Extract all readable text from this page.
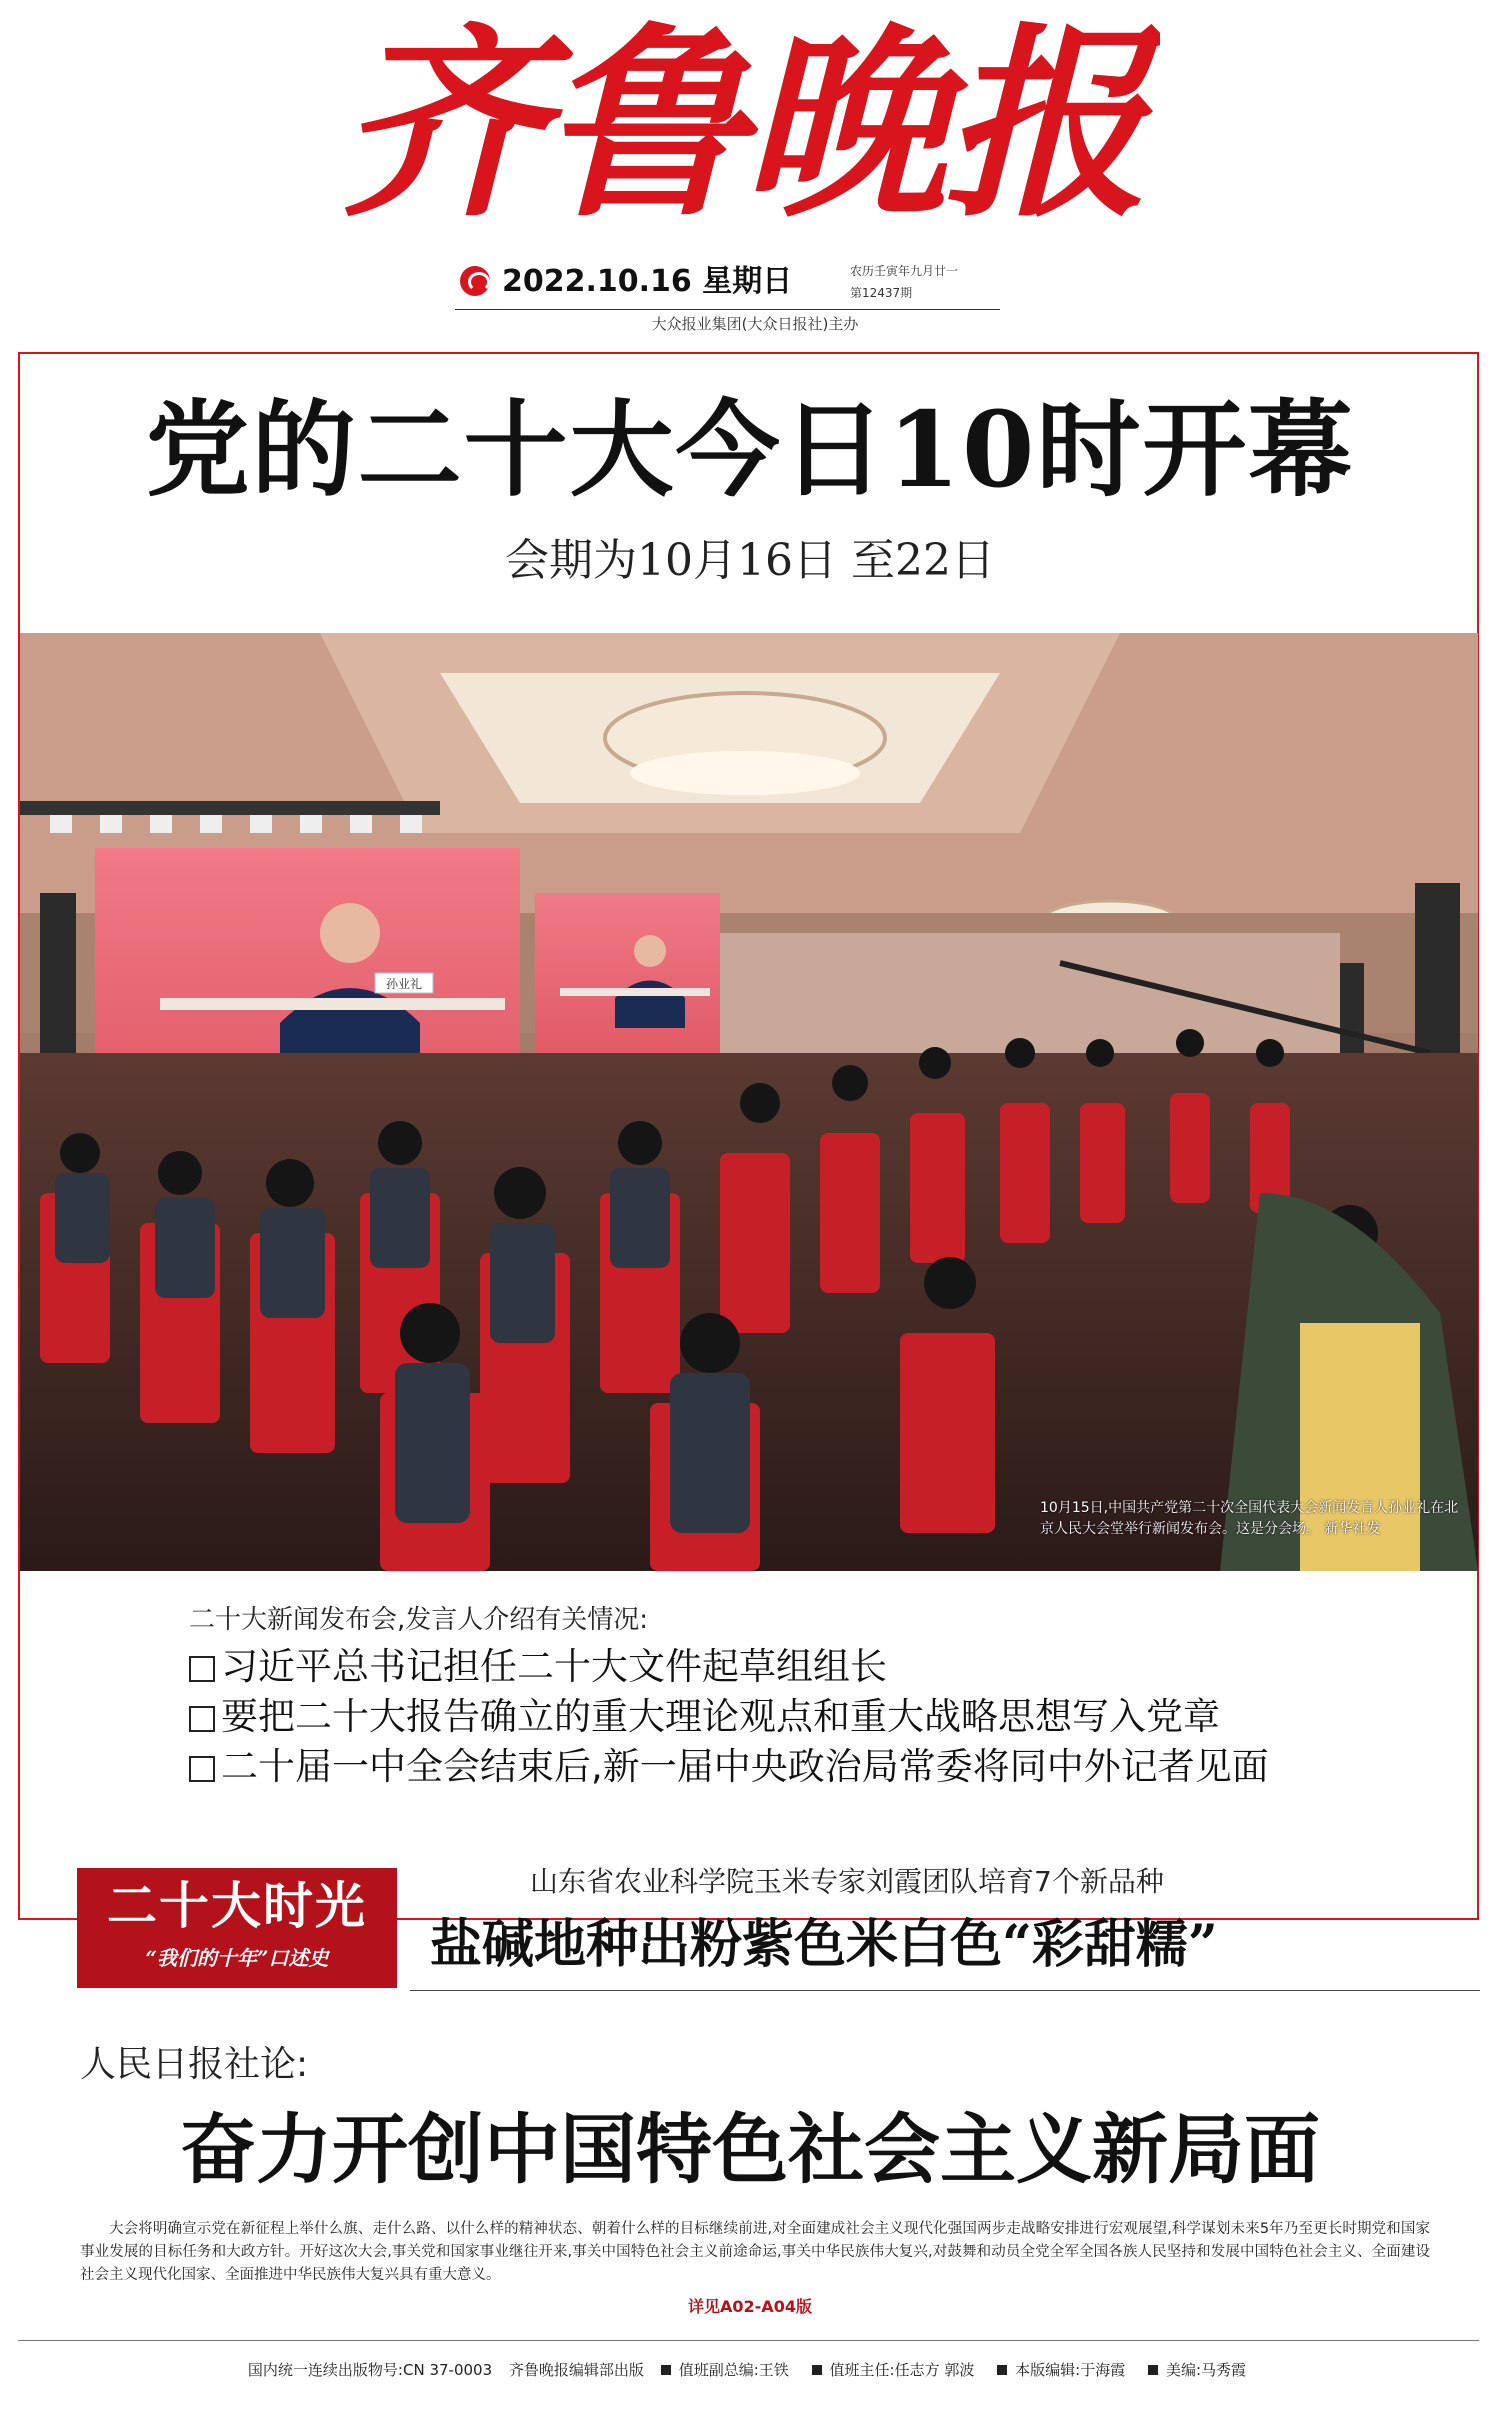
齐鲁晚报
2022.10.16 星期日	农历壬寅年九月廿一
第12437期
大众报业集团(大众日报社)主办
党的二十大今日10时开幕
会期为10月16日 至22日
孙业礼
10月15日,中国共产党第二十次全国代表大会新闻发言人孙业礼在北京人民大会堂举行新闻发布会。这是分会场。 新华社发
二十大新闻发布会,发言人介绍有关情况:
习近平总书记担任二十大文件起草组组长
要把二十大报告确立的重大理论观点和重大战略思想写入党章
二十届一中全会结束后,新一届中央政治局常委将同中外记者见面
二十大时光
“我们的十年”口述史
山东省农业科学院玉米专家刘霞团队培育7个新品种
盐碱地种出粉紫色米白色“彩甜糯”
人民日报社论:
奋力开创中国特色社会主义新局面

大会将明确宣示党在新征程上举什么旗、走什么路、以什么样的精神状态、朝着什么样的目标继续前进,对全面建成社会主义现代化强国两步走战略安排进行宏观展望,科学谋划未来5年乃至更长时期党和国家事业发展的目标任务和大政方针。开好这次大会,事关党和国家事业继往开来,事关中国特色社会主义前途命运,事关中华民族伟大复兴,对鼓舞和动员全党全军全国各族人民坚持和发展中国特色社会主义、全面建设社会主义现代化国家、全面推进中华民族伟大复兴具有重大意义。

详见A02-A04版
国内统一连续出版物号:CN 37-0003 齐鲁晚报编辑部出版 值班副总编:王铁	值班主任:任志方 郭波	本版编辑:于海霞	美编:马秀霞
